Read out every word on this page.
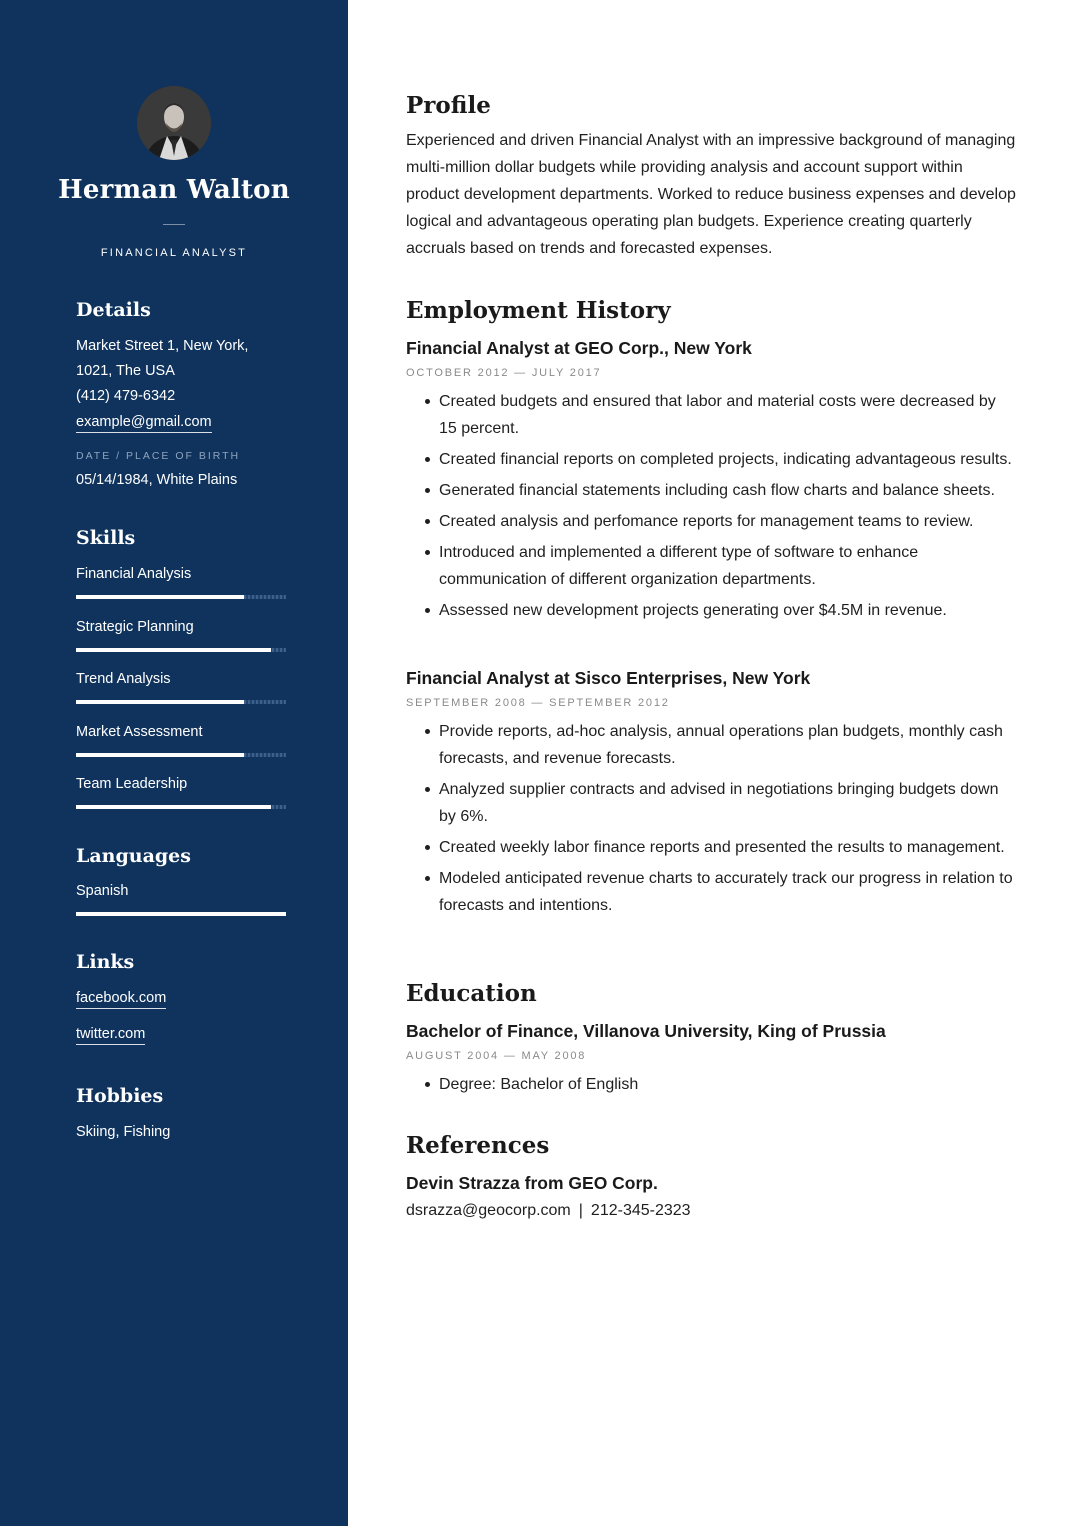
Herman Walton
FINANCIAL ANALYST
Details
Market Street 1, New York,
1021, The USA
(412) 479-6342
example@gmail.com
DATE / PLACE OF BIRTH
05/14/1984, White Plains
Skills
Financial Analysis
Strategic Planning
Trend Analysis
Market Assessment
Team Leadership
Languages
Spanish
Links
facebook.com
twitter.com
Hobbies
Skiing, Fishing
Profile

Experienced and driven Financial Analyst with an impressive background of managing multi-million dollar budgets while providing analysis and account support within product development departments. Worked to reduce business expenses and develop logical and advantageous operating plan budgets. Experience creating quarterly accruals based on trends and forecasted expenses.

Employment History
Financial Analyst at GEO Corp., New York
OCTOBER 2012 — JULY 2017
Created budgets and ensured that labor and material costs were decreased by 15 percent.
Created financial reports on completed projects, indicating advantageous results.
Generated financial statements including cash flow charts and balance sheets.
Created analysis and perfomance reports for management teams to review.
Introduced and implemented a different type of software to enhance communication of different organization departments.
Assessed new development projects generating over $4.5M in revenue.
Financial Analyst at Sisco Enterprises, New York
SEPTEMBER 2008 — SEPTEMBER 2012
Provide reports, ad-hoc analysis, annual operations plan budgets, monthly cash forecasts, and revenue forecasts.
Analyzed supplier contracts and advised in negotiations bringing budgets down by 6%.
Created weekly labor finance reports and presented the results to management.
Modeled anticipated revenue charts to accurately track our progress in relation to forecasts and intentions.
Education
Bachelor of Finance, Villanova University, King of Prussia
AUGUST 2004 — MAY 2008
Degree: Bachelor of English
References
Devin Strazza from GEO Corp.
dsrazza@geocorp.com | 212-345-2323
